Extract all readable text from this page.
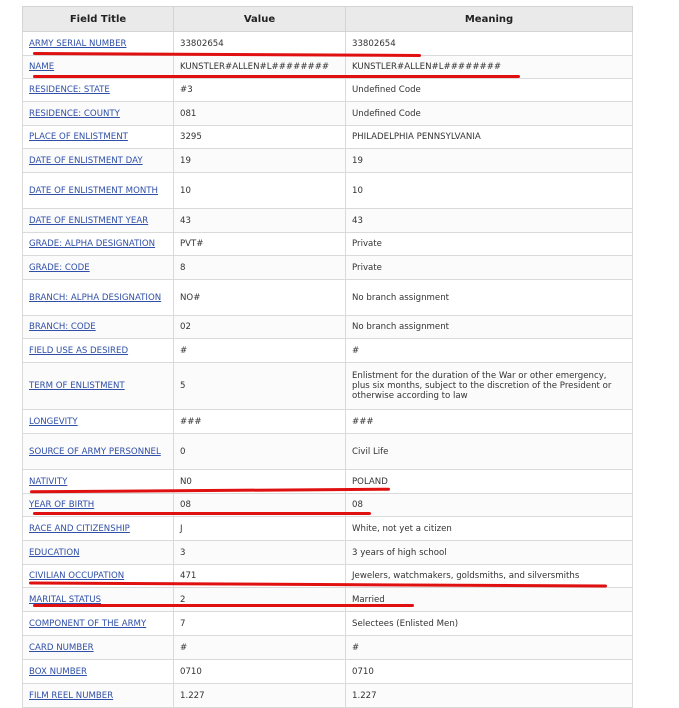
Field Title	Value	Meaning
ARMY SERIAL NUMBER	33802654	33802654
NAME	KUNSTLER#ALLEN#L########	KUNSTLER#ALLEN#L########
RESIDENCE: STATE	#3	Undefined Code
RESIDENCE: COUNTY	081	Undefined Code
PLACE OF ENLISTMENT	3295	PHILADELPHIA PENNSYLVANIA
DATE OF ENLISTMENT DAY	19	19
DATE OF ENLISTMENT MONTH	10	10
DATE OF ENLISTMENT YEAR	43	43
GRADE: ALPHA DESIGNATION	PVT#	Private
GRADE: CODE	8	Private
BRANCH: ALPHA DESIGNATION	NO#	No branch assignment
BRANCH: CODE	02	No branch assignment
FIELD USE AS DESIRED	#	#
TERM OF ENLISTMENT	5	Enlistment for the duration of the War or other emergency, plus six months, subject to the discretion of the President or otherwise according to law
LONGEVITY	###	###
SOURCE OF ARMY PERSONNEL	0	Civil Life
NATIVITY	N0	POLAND
YEAR OF BIRTH	08	08
RACE AND CITIZENSHIP	J	White, not yet a citizen
EDUCATION	3	3 years of high school
CIVILIAN OCCUPATION	471	Jewelers, watchmakers, goldsmiths, and silversmiths
MARITAL STATUS	2	Married
COMPONENT OF THE ARMY	7	Selectees (Enlisted Men)
CARD NUMBER	#	#
BOX NUMBER	0710	0710
FILM REEL NUMBER	1.227	1.227
